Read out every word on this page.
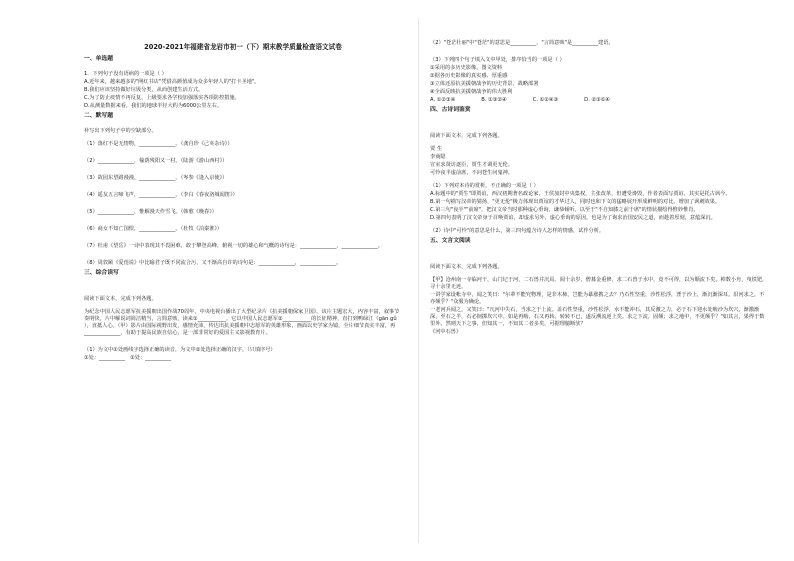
2020-2021年福建省龙岩市初一（下）期末教学质量检查语文试卷
一、单选题

1．下列句子没有语病的一项是（ ）

A.近年来，越来越多的"网红书店"凭借高颜值成为众多年轻人的"打卡圣地"。

B.我们应该坚持做好垃圾分类，从而创建生活方式。

C.为了防止疫情不再反复，上级要求各学校加强落实各项防控措施。

D.从测量数据来看，我们的地球半径大约为6000公里左右。

二、默写题

补写出下列句子中的空缺部分。

（1）落红不是无情物，______________。（龚自珍《己亥杂诗》）

（2）______________，榆荫残阳又一村。（陆游《游山西村》）

（3）故园东望路漫漫，______________。（岑参《逢入京使》）

（4）遥友五言啼飞声，______________。（李白《春夜洛城闻笛》）

（5）______________，惟解漫天作雪飞。（韩愈《晚春》）

（6）商女不知亡国恨，______________。（杜牧《泊秦淮》）

（7）杜甫《望岳》一诗中表现其不畏困难，敢于攀登高峰，俯视一切的雄心和气概的诗句是：______________，______________。

（8）周敦颐《爱莲说》中比喻君子既不同流合污，又不渐高自许的诗句是：______________，______________。

三、综合读写

阅读下面文本，完成下列各题。

为纪念中国人民志愿军抗美援朝出国作战70周年，中央电视台播出了大型纪录片《抗美援朝保家卫国》。该片主题宏大，内容丰富，叙事节奏明快，片中解说词简洁精当，言简意赅，读来①___________。它以中国人民志愿军②___________的长征精神，直打到鸭绿江（ɡān ɡǔ ），直抵人心。（甲）影片由国际视野出发，感情充沛，传达出抗美援朝中志愿军的英雄形象，画面以史学家为镜，全片细节真实丰富，再______________，有助于提高民族自信心，是一部非常好的爱国主义影视教育片。

（1）为文中①处画线字选择正确的读音，为文中②处选择正确的汉字。（只填序号）

①处：__________　②处：__________

（2）"苍茫壮丽"中"苍茫"的意思是__________，"言简意赅"是__________建语。

（3）下列四个句子填入文中甲处，排序恰当的一项是（ ）

①采用的多历史影像、图文资料

②据各历史影像的真实感、厚重感

③立体还原抗美援朝战争的历史背景、战略部署

④全面反映抗美援朝战争的伟大胜利

A. ①②③④　　　　　B. ①③②④　　　　　C. ①②④③　　　　　D. ②③①④

四、古诗词鉴赏

阅读下面文本，完成下列各题。

贾 生

李商隐

宣室求贤访逐臣，贾生才调更无伦。

可怜夜半虚前席，不问苍生问鬼神。

（1）下列对本诗的赏析，不正确的一项是（ ）

A.标题中的"贾生"即贾谊，西汉初期著名政论家，王侯加封中央集权，主张改革，但遭受谗毁，作者表面写贾谊，其实是托古讽今。

B.第一句描写汉帝的猜扬，"更无伦"极力体现出贾谊的才华过人，同时也和下文的猛略展开形成鲜明的对比，增加了讽刺效果。

C.第三句"夜半""前席"，把汉文帝当时那种虚心垂询、谦恭倾听，以至于"不自知膝之前于席"的情状描绘得惟妙惟肖。

D.第四句表明了汉文帝身于召唤贾谊，却虚求另外，虚心垂询的原因，也是为了询求治国安民之道，而趁着厚刻，意蕴深沉。

（2）诗中"可怜"的意思是什么，第三四句蕴含诗人怎样的情感，试作分析。

五、文言文阅读

阅读下面文本，完成下列各题。

【甲】沧州南一寺临河干，山门圮于河，二石兽并沉焉。阅十余岁，僧募金重修，求二石兽于水中，竟不可得，以为顺流下矣。棹数小舟，曳铁钯，寻十余里无迹。

一讲学家设帐寺中，闻之笑曰："尔辈不能究物理，是非木柿，岂能为暴涨携之去？乃石性坚重，沙性松浮，湮于沙上，渐沉渐深耳。沿河求之，不亦颠乎？"众服为确论。

一老河兵闻之，又笑曰："凡河中失石，当求之于上流。盖石性坚重，沙性松浮，水不能冲石，其反激之力，必于石下迎水处啮沙为坎穴，渐激渐深，至石之半，石必倒掷坎穴中。如是再啮，石又再转。转转不已，遂反溯流逆上矣。求之下流，固颠；求之地中，不更颠乎？"如其言，果得于数里外。然则天下之事，但知其一，不知其二者多矣，可据理臆断欤？

《河中石兽》
